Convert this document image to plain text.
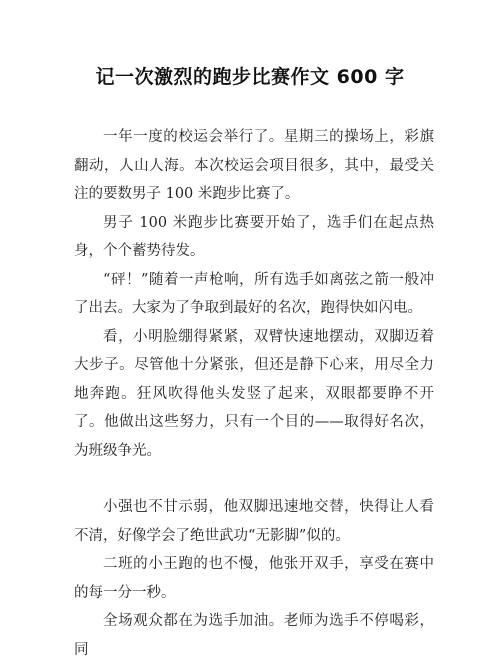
记一次激烈的跑步比赛作文 600 字

一年一度的校运会举行了。星期三的操场上，彩旗翻动，人山人海。本次校运会项目很多，其中，最受关注的要数男子 100 米跑步比赛了。

男子 100 米跑步比赛要开始了，选手们在起点热身，个个蓄势待发。

“砰！”随着一声枪响，所有选手如离弦之箭一般冲了出去。大家为了争取到最好的名次，跑得快如闪电。

看，小明脸绷得紧紧，双臂快速地摆动，双脚迈着大步子。尽管他十分紧张，但还是静下心来，用尽全力地奔跑。狂风吹得他头发竖了起来，双眼都要睁不开了。他做出这些努力，只有一个目的——取得好名次，为班级争光。

小强也不甘示弱，他双脚迅速地交替，快得让人看不清，好像学会了绝世武功“无影脚”似的。

二班的小王跑的也不慢，他张开双手，享受在赛中的每一分一秒。

全场观众都在为选手加油。老师为选手不停喝彩，同
